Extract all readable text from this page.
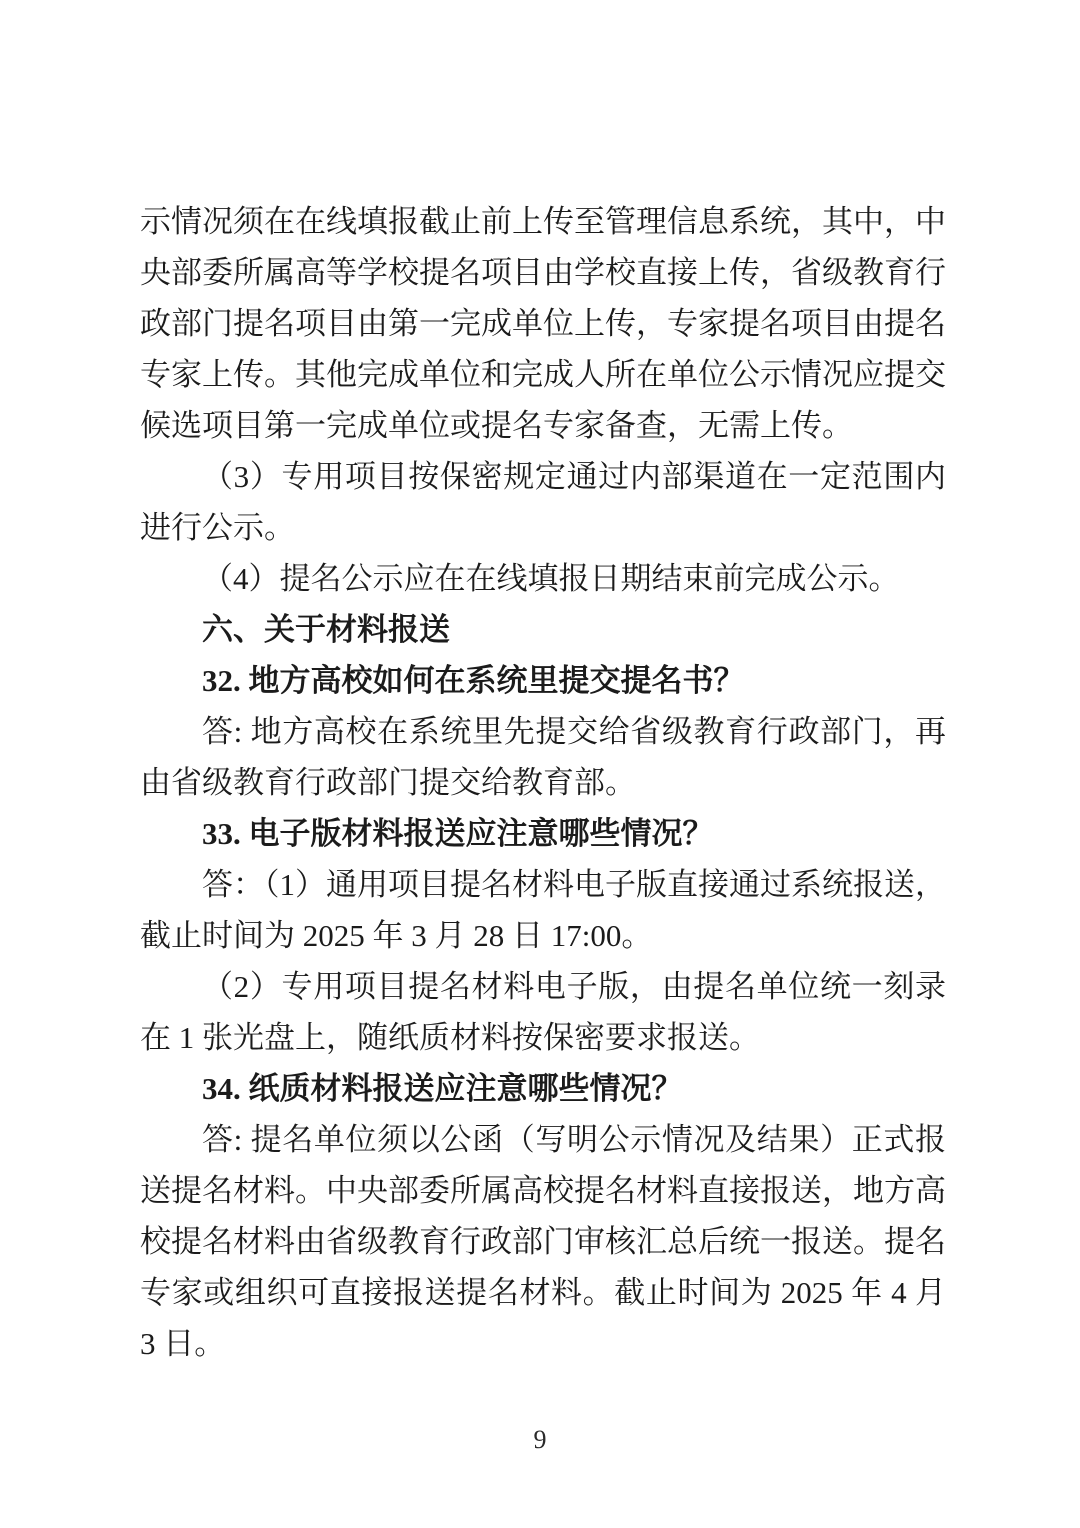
示情况须在在线填报截止前上传至管理信息系统，其中，中央部委所属高等学校提名项目由学校直接上传，省级教育行政部门提名项目由第一完成单位上传，专家提名项目由提名专家上传。其他完成单位和完成人所在单位公示情况应提交候选项目第一完成单位或提名专家备查，无需上传。

（3）专用项目按保密规定通过内部渠道在一定范围内进行公示。

（4）提名公示应在在线填报日期结束前完成公示。

六、关于材料报送

32. 地方高校如何在系统里提交提名书？

答: 地方高校在系统里先提交给省级教育行政部门，再由省级教育行政部门提交给教育部。

33. 电子版材料报送应注意哪些情况？

答：（1）通用项目提名材料电子版直接通过系统报送，截止时间为 2025 年 3 月 28 日 17:00。

（2）专用项目提名材料电子版，由提名单位统一刻录在 1 张光盘上，随纸质材料按保密要求报送。

34. 纸质材料报送应注意哪些情况？

答: 提名单位须以公函（写明公示情况及结果）正式报送提名材料。中央部委所属高校提名材料直接报送，地方高校提名材料由省级教育行政部门审核汇总后统一报送。提名专家或组织可直接报送提名材料。截止时间为 2025 年 4 月 3 日。

9
